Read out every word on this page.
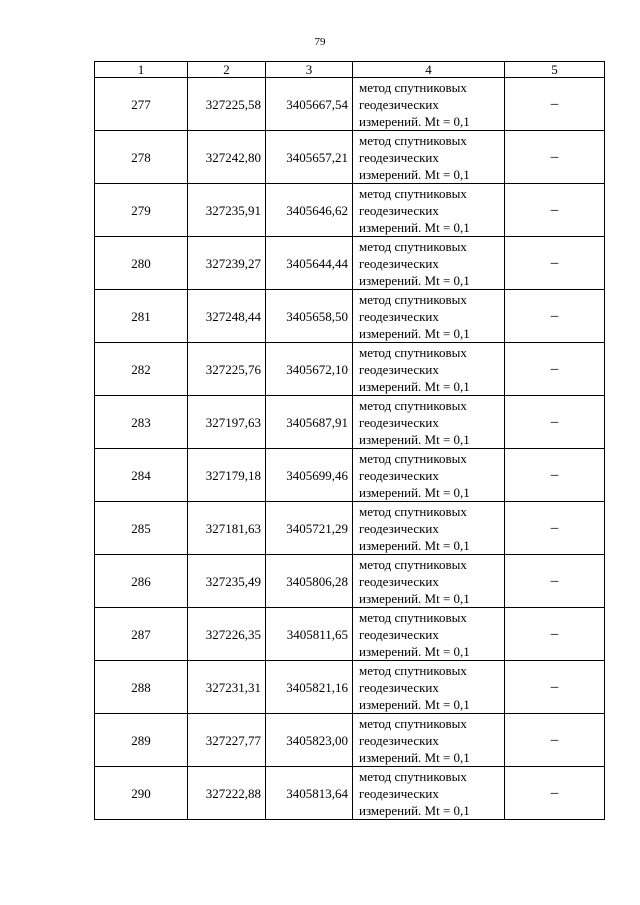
79
1	2	3	4	5
277	327225,58	3405667,54	метод спутниковых
геодезических
измерений. Mt = 0,1	–
278	327242,80	3405657,21	метод спутниковых
геодезических
измерений. Mt = 0,1	–
279	327235,91	3405646,62	метод спутниковых
геодезических
измерений. Mt = 0,1	–
280	327239,27	3405644,44	метод спутниковых
геодезических
измерений. Mt = 0,1	–
281	327248,44	3405658,50	метод спутниковых
геодезических
измерений. Mt = 0,1	–
282	327225,76	3405672,10	метод спутниковых
геодезических
измерений. Mt = 0,1	–
283	327197,63	3405687,91	метод спутниковых
геодезических
измерений. Mt = 0,1	–
284	327179,18	3405699,46	метод спутниковых
геодезических
измерений. Mt = 0,1	–
285	327181,63	3405721,29	метод спутниковых
геодезических
измерений. Mt = 0,1	–
286	327235,49	3405806,28	метод спутниковых
геодезических
измерений. Mt = 0,1	–
287	327226,35	3405811,65	метод спутниковых
геодезических
измерений. Mt = 0,1	–
288	327231,31	3405821,16	метод спутниковых
геодезических
измерений. Mt = 0,1	–
289	327227,77	3405823,00	метод спутниковых
геодезических
измерений. Mt = 0,1	–
290	327222,88	3405813,64	метод спутниковых
геодезических
измерений. Mt = 0,1	–
